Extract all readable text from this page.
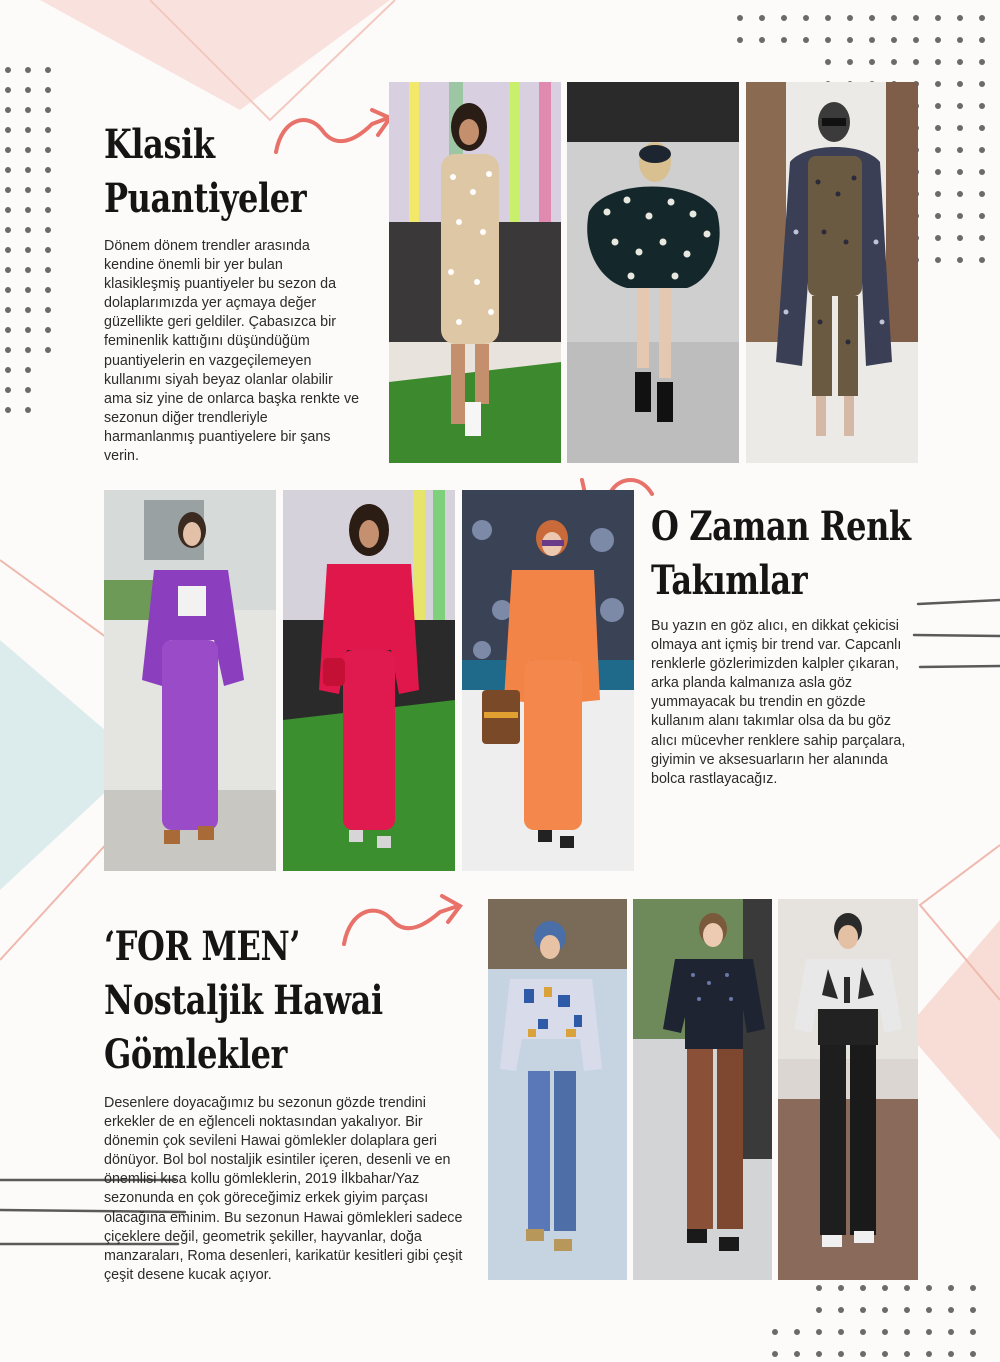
Klasik
Puantiyeler

Dönem dönem trendler arasında kendine önemli bir yer bulan klasikleşmiş puantiyeler bu sezon da dolaplarımızda yer açmaya değer güzellikte geri geldiler. Çabasızca bir feminenlik kattığını düşündüğüm puantiyelerin en vazgeçilemeyen kullanımı siyah beyaz olanlar olabilir ama siz yine de onlarca başka renkte ve sezonun diğer trendleriyle harmanlanmış puantiyelere bir şans verin.

O Zaman Renk
Takımlar

Bu yazın en göz alıcı, en dikkat çekicisi olmaya ant içmiş bir trend var. Capcanlı renklerle gözlerimizden kalpler çıkaran, arka planda kalmanıza asla göz yummayacak bu trendin en gözde kullanım alanı takımlar olsa da bu göz alıcı mücevher renklere sahip parçalara, giyimin ve aksesuarların her alanında bolca rastlayacağız.

‘FOR MEN’
Nostaljik Hawai
Gömlekler

Desenlere doyacağımız bu sezonun gözde trendini erkekler de en eğlenceli noktasından yakalıyor. Bir dönemin çok sevileni Hawai gömlekler dolaplara geri dönüyor. Bol bol nostaljik esintiler içeren, desenli ve en önemlisi kısa kollu gömleklerin, 2019 İlkbahar/Yaz sezonunda en çok göreceğimiz erkek giyim parçası olacağına eminim. Bu sezonun Hawai gömlekleri sadece çiçeklere değil, geometrik şekiller, hayvanlar, doğa manzaraları, Roma desenleri, karikatür kesitleri gibi çeşit çeşit desene kucak açıyor.
